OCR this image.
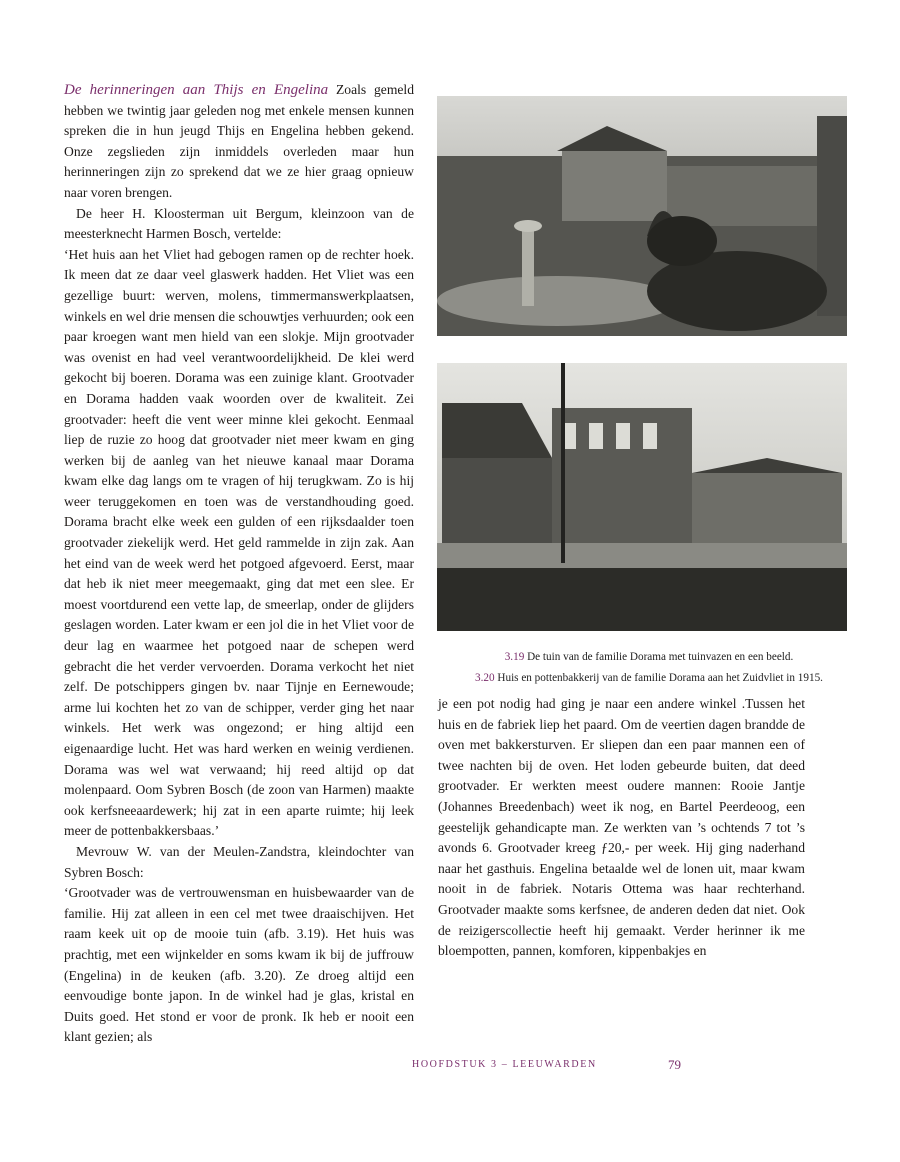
De herinneringen aan Thijs en Engelina Zoals gemeld hebben we twintig jaar geleden nog met enkele mensen kunnen spreken die in hun jeugd Thijs en Engelina hebben gekend. Onze zegslieden zijn inmiddels overleden maar hun herinneringen zijn zo sprekend dat we ze hier graag opnieuw naar voren brengen.

De heer H. Kloosterman uit Bergum, kleinzoon van de meesterknecht Harmen Bosch, vertelde:

‘Het huis aan het Vliet had gebogen ramen op de rechter hoek. Ik meen dat ze daar veel glaswerk hadden. Het Vliet was een gezellige buurt: werven, molens, timmermanswerkplaatsen, winkels en wel drie mensen die schouwtjes verhuurden; ook een paar kroegen want men hield van een slokje. Mijn grootvader was ovenist en had veel verantwoordelijkheid. De klei werd gekocht bij boeren. Dorama was een zuinige klant. Grootvader en Dorama hadden vaak woorden over de kwaliteit. Zei grootvader: heeft die vent weer minne klei gekocht. Eenmaal liep de ruzie zo hoog dat grootvader niet meer kwam en ging werken bij de aanleg van het nieuwe kanaal maar Dorama kwam elke dag langs om te vragen of hij terugkwam. Zo is hij weer teruggekomen en toen was de verstandhouding goed. Dorama bracht elke week een gulden of een rijksdaalder toen grootvader ziekelijk werd. Het geld rammelde in zijn zak. Aan het eind van de week werd het potgoed afgevoerd. Eerst, maar dat heb ik niet meer meegemaakt, ging dat met een slee. Er moest voortdurend een vette lap, de smeerlap, onder de glijders geslagen worden. Later kwam er een jol die in het Vliet voor de deur lag en waarmee het potgoed naar de schepen werd gebracht die het verder vervoerden. Dorama verkocht het niet zelf. De potschippers gingen bv. naar Tijnje en Eernewoude; arme lui kochten het zo van de schipper, verder ging het naar winkels. Het werk was ongezond; er hing altijd een eigenaardige lucht. Het was hard werken en weinig verdienen. Dorama was wel wat verwaand; hij reed altijd op dat molenpaard. Oom Sybren Bosch (de zoon van Harmen) maakte ook kerfsneeaardewerk; hij zat in een aparte ruimte; hij leek meer de pottenbakkersbaas.’

Mevrouw W. van der Meulen-Zandstra, kleindochter van Sybren Bosch:

‘Grootvader was de vertrouwensman en huisbewaarder van de familie. Hij zat alleen in een cel met twee draaischijven. Het raam keek uit op de mooie tuin (afb. 3.19). Het huis was prachtig, met een wijnkelder en soms kwam ik bij de juffrouw (Engelina) in de keuken (afb. 3.20). Ze droeg altijd een eenvoudige bonte japon. In de winkel had je glas, kristal en Duits goed. Het stond er voor de pronk. Ik heb er nooit een klant gezien; als

3.19 De tuin van de familie Dorama met tuinvazen en een beeld.
3.20 Huis en pottenbakkerij van de familie Dorama aan het Zuidvliet in 1915.

je een pot nodig had ging je naar een andere winkel .Tussen het huis en de fabriek liep het paard. Om de veertien dagen brandde de oven met bakkersturven. Er sliepen dan een paar mannen een of twee nachten bij de oven. Het loden gebeurde buiten, dat deed grootvader. Er werkten meest oudere mannen: Rooie Jantje (Johannes Breedenbach) weet ik nog, en Bartel Peerdeoog, een geestelijk gehandicapte man. Ze werkten van ’s ochtends 7 tot ’s avonds 6. Grootvader kreeg ƒ20,- per week. Hij ging naderhand naar het gasthuis. Engelina betaalde wel de lonen uit, maar kwam nooit in de fabriek. Notaris Ottema was haar rechterhand. Grootvader maakte soms kerfsnee, de anderen deden dat niet. Ook de reizigerscollectie heeft hij gemaakt. Verder herinner ik me bloempotten, pannen, komforen, kippenbakjes en

HOOFDSTUK 3 – LEEUWARDEN	79
